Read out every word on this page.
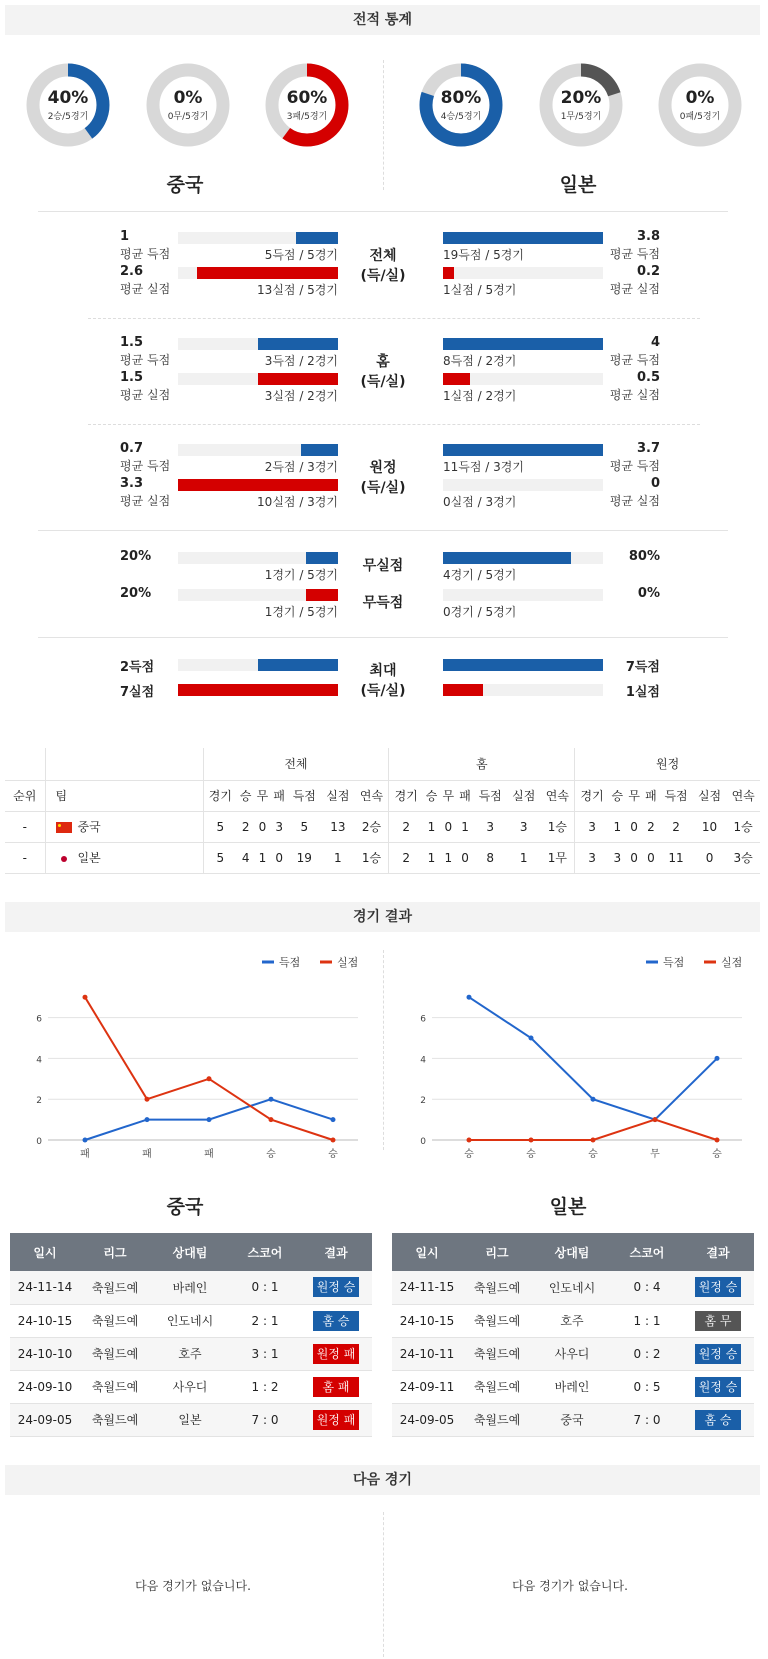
전적 통계
40%
2승/5경기
0%
0무/5경기
60%
3패/5경기
80%
4승/5경기
20%
1무/5경기
0%
0패/5경기
중국	일본
1
평균 득점	5득점 / 5경기
3.8
평균 득점
19득점 / 5경기
2.6
평균 실점	13실점 / 5경기
0.2
평균 실점
1실점 / 5경기
전체
(득/실)
1.5
평균 득점	3득점 / 2경기
4
평균 득점
8득점 / 2경기
1.5
평균 실점	3실점 / 2경기
0.5
평균 실점
1실점 / 2경기
홈
(득/실)
0.7
평균 득점	2득점 / 3경기
3.7
평균 득점
11득점 / 3경기
3.3
평균 실점	10실점 / 3경기
0
평균 실점
0실점 / 3경기
원정
(득/실)
20%
1경기 / 5경기
80%
4경기 / 5경기
무실점
20%
1경기 / 5경기
0%
0경기 / 5경기
무득점
2득점	7득점
7실점	1실점
최대
(득/실)
		전체							홈							원정						
순위	팀	경기	승	무	패	득점	실점	연속	경기	승	무	패	득점	실점	연속	경기	승	무	패	득점	실점	연속
-	중국	5	2	0	3	5	13	2승	2	1	0	1	3	3	1승	3	1	0	2	2	10	1승
-	일본	5	4	1	0	19	1	1승	2	1	1	0	8	1	1무	3	3	0	0	11	0	3승
경기 결과
0
2
4
6
패	패	패	승	승
득점	실점
0
2
4
6
승	승	승	무	승
득점	실점
중국	일본
일시	리그	상대팀	스코어	결과
24-11-14	축월드예	바레인	0 : 1	원정 승
24-10-15	축월드예	인도네시	2 : 1	홈 승
24-10-10	축월드예	호주	3 : 1	원정 패
24-09-10	축월드예	사우디	1 : 2	홈 패
24-09-05	축월드예	일본	7 : 0	원정 패
일시	리그	상대팀	스코어	결과
24-11-15	축월드예	인도네시	0 : 4	원정 승
24-10-15	축월드예	호주	1 : 1	홈 무
24-10-11	축월드예	사우디	0 : 2	원정 승
24-09-11	축월드예	바레인	0 : 5	원정 승
24-09-05	축월드예	중국	7 : 0	홈 승
다음 경기
다음 경기가 없습니다.	다음 경기가 없습니다.
